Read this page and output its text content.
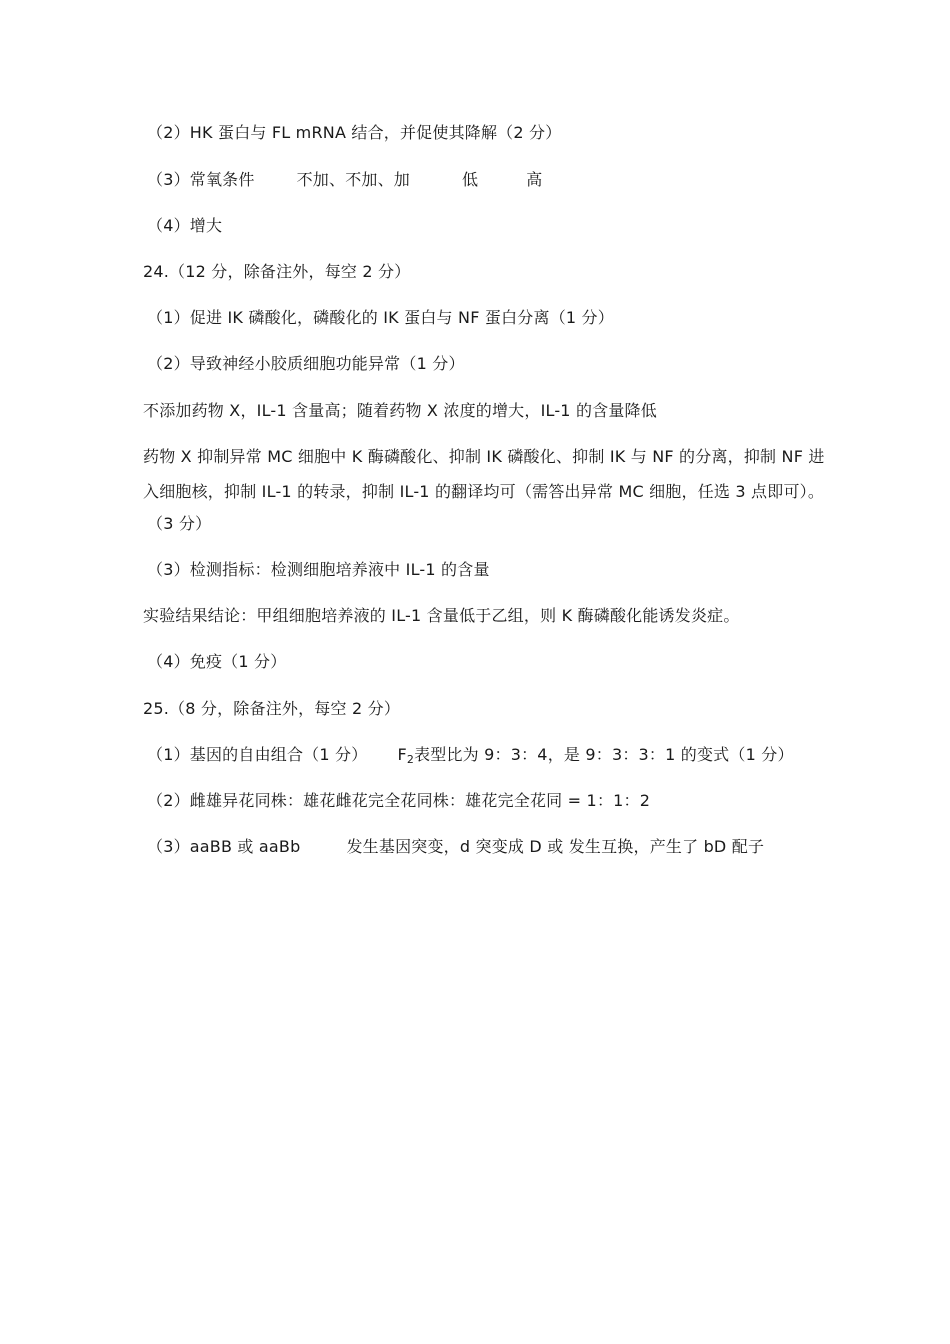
（2）HK 蛋白与 FL mRNA 结合，并促使其降解（2 分）
（3）常氧条件	不加、不加、加	低	高
（4）增大
24.（12 分，除备注外，每空 2 分）
（1）促进 IK 磷酸化，磷酸化的 IK 蛋白与 NF 蛋白分离（1 分）
（2）导致神经小胶质细胞功能异常（1 分）
不添加药物 X，IL-1 含量高；随着药物 X 浓度的增大，IL-1 的含量降低
药物 X 抑制异常 MC 细胞中 K 酶磷酸化、抑制 IK 磷酸化、抑制 IK 与 NF 的分离，抑制 NF 进
入细胞核，抑制 IL-1 的转录，抑制 IL-1 的翻译均可（需答出异常 MC 细胞，任选 3 点即可）。
（3 分）
（3）检测指标：检测细胞培养液中 IL-1 的含量
实验结果结论：甲组细胞培养液的 IL-1 含量低于乙组，则 K 酶磷酸化能诱发炎症。
（4）免疫（1 分）
25.（8 分，除备注外，每空 2 分）
（1）基因的自由组合（1 分） $F_2$表型比为 9：3：4，是 9：3：3：1 的变式（1 分）
（2）雌雄异花同株：雄花雌花完全花同株：雄花完全花同 = 1：1：2
（3）aaBB 或 aaBb	发生基因突变，d 突变成 D 或 发生互换，产生了 bD 配子
